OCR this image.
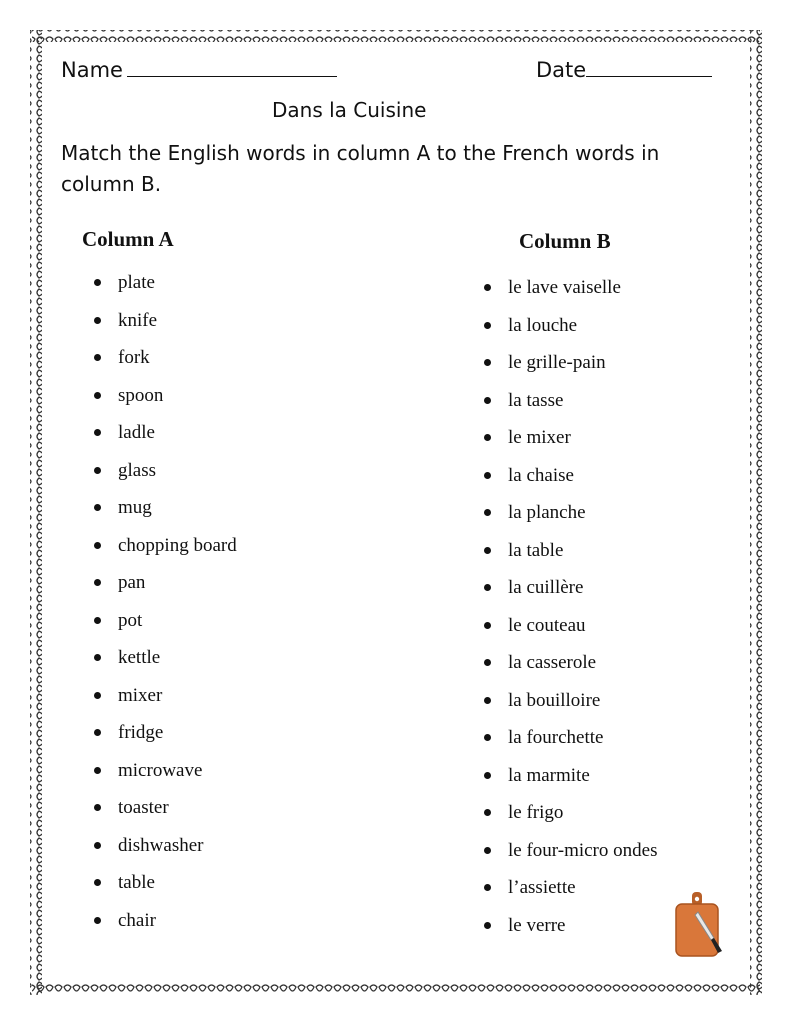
Name	Date
Dans la Cuisine
Match the English words in column A to the French words in column B.
Column A	Column B
plate
knife
fork
spoon
ladle
glass
mug
chopping board
pan
pot
kettle
mixer
fridge
microwave
toaster
dishwasher
table
chair
le lave vaiselle
la louche
le grille-pain
la tasse
le mixer
la chaise
la planche
la table
la cuillère
le couteau
la casserole
la bouilloire
la fourchette
la marmite
le frigo
le four-micro ondes
l’assiette
le verre
